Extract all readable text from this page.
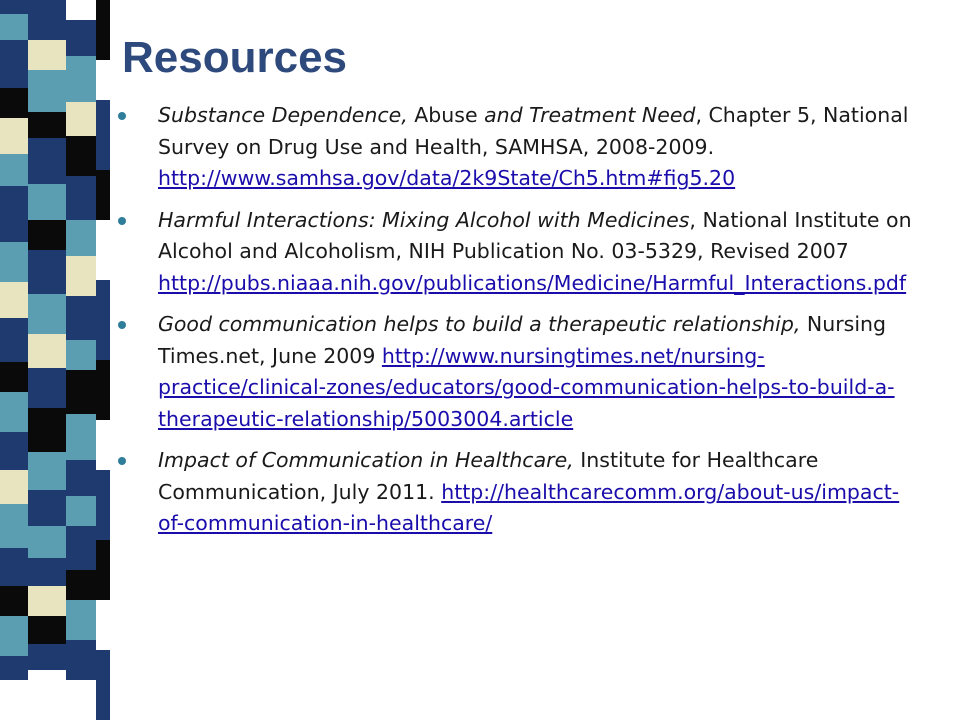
Resources
Substance Dependence, Abuse and Treatment Need, Chapter 5, National Survey on Drug Use and Health, SAMHSA, 2008-2009. http://www.samhsa.gov/data/2k9State/Ch5.htm#fig5.20
Harmful Interactions: Mixing Alcohol with Medicines, National Institute on Alcohol and Alcoholism, NIH Publication No. 03-5329, Revised 2007 http://pubs.niaaa.nih.gov/publications/Medicine/Harmful_Interactions.pdf
Good communication helps to build a therapeutic relationship, Nursing Times.net, June 2009 http://www.nursingtimes.net/nursing-practice/clinical-zones/educators/good-communication-helps-to-build-a-therapeutic-relationship/5003004.article
Impact of Communication in Healthcare, Institute for Healthcare Communication, July 2011. http://healthcarecomm.org/about-us/impact-of-communication-in-healthcare/
